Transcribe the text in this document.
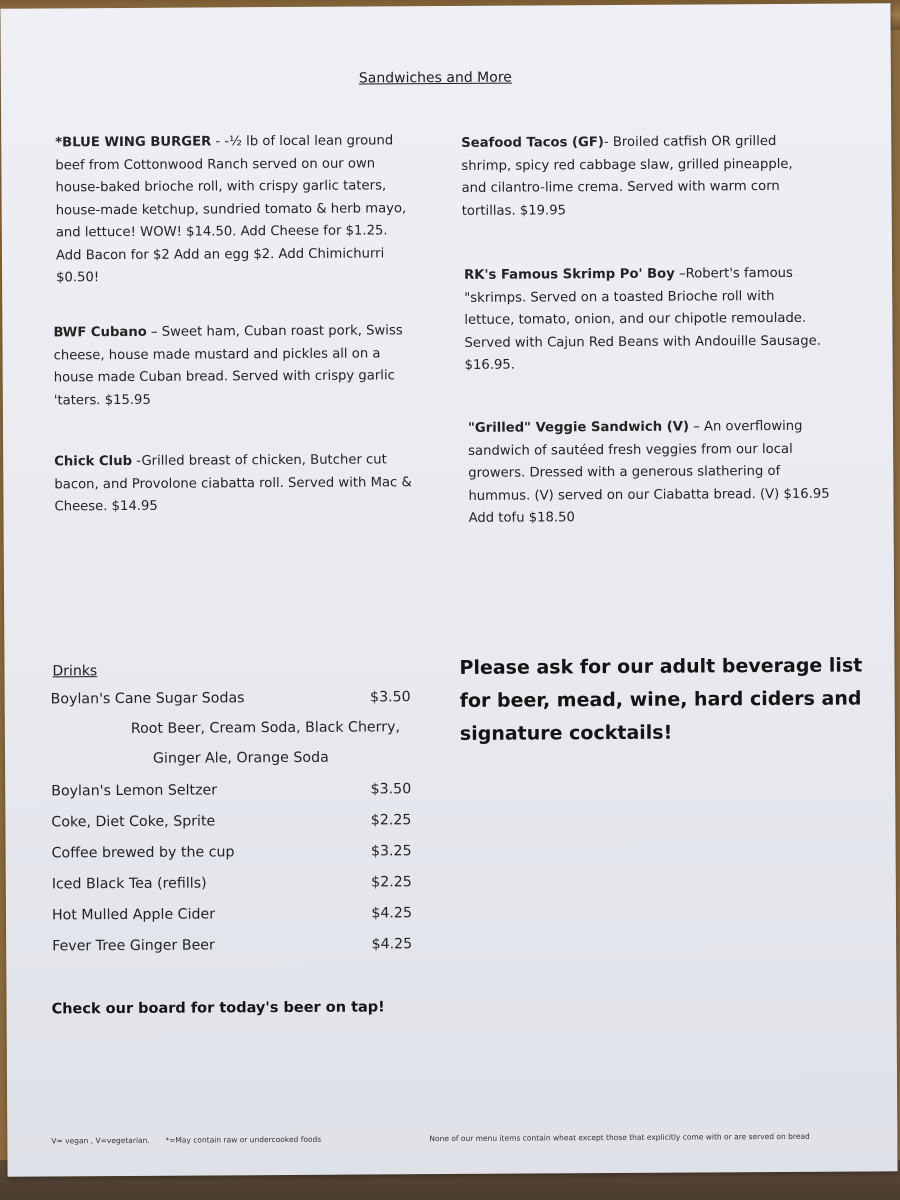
Sandwiches and More
*BLUE WING BURGER - -½ lb of local lean ground beef from Cottonwood Ranch served on our own house-baked brioche roll, with crispy garlic taters, house-made ketchup, sundried tomato & herb mayo, and lettuce! WOW! $14.50. Add Cheese for $1.25. Add Bacon for $2 Add an egg $2. Add Chimichurri $0.50!
BWF Cubano – Sweet ham, Cuban roast pork, Swiss cheese, house made mustard and pickles all on a house made Cuban bread. Served with crispy garlic 'taters. $15.95
Chick Club -Grilled breast of chicken, Butcher cut bacon, and Provolone ciabatta roll. Served with Mac & Cheese. $14.95
Seafood Tacos (GF)- Broiled catfish OR grilled shrimp, spicy red cabbage slaw, grilled pineapple, and cilantro-lime crema. Served with warm corn tortillas. $19.95
RK's Famous Skrimp Po' Boy –Robert's famous "skrimps. Served on a toasted Brioche roll with lettuce, tomato, onion, and our chipotle remoulade. Served with Cajun Red Beans with Andouille Sausage. $16.95.
"Grilled" Veggie Sandwich (V) – An overflowing sandwich of sautéed fresh veggies from our local growers. Dressed with a generous slathering of hummus. (V) served on our Ciabatta bread. (V) $16.95 Add tofu $18.50
Drinks
Boylan's Cane Sugar Sodas	$3.50
Root Beer, Cream Soda, Black Cherry,
Ginger Ale, Orange Soda
Boylan's Lemon Seltzer	$3.50
Coke, Diet Coke, Sprite	$2.25
Coffee brewed by the cup	$3.25
Iced Black Tea (refills)	$2.25
Hot Mulled Apple Cider	$4.25
Fever Tree Ginger Beer	$4.25
Check our board for today's beer on tap!
Please ask for our adult beverage list for beer, mead, wine, hard ciders and signature cocktails!
V= vegan , V=vegetarian. *=May contain raw or undercooked foods	None of our menu items contain wheat except those that explicitly come with or are served on bread
